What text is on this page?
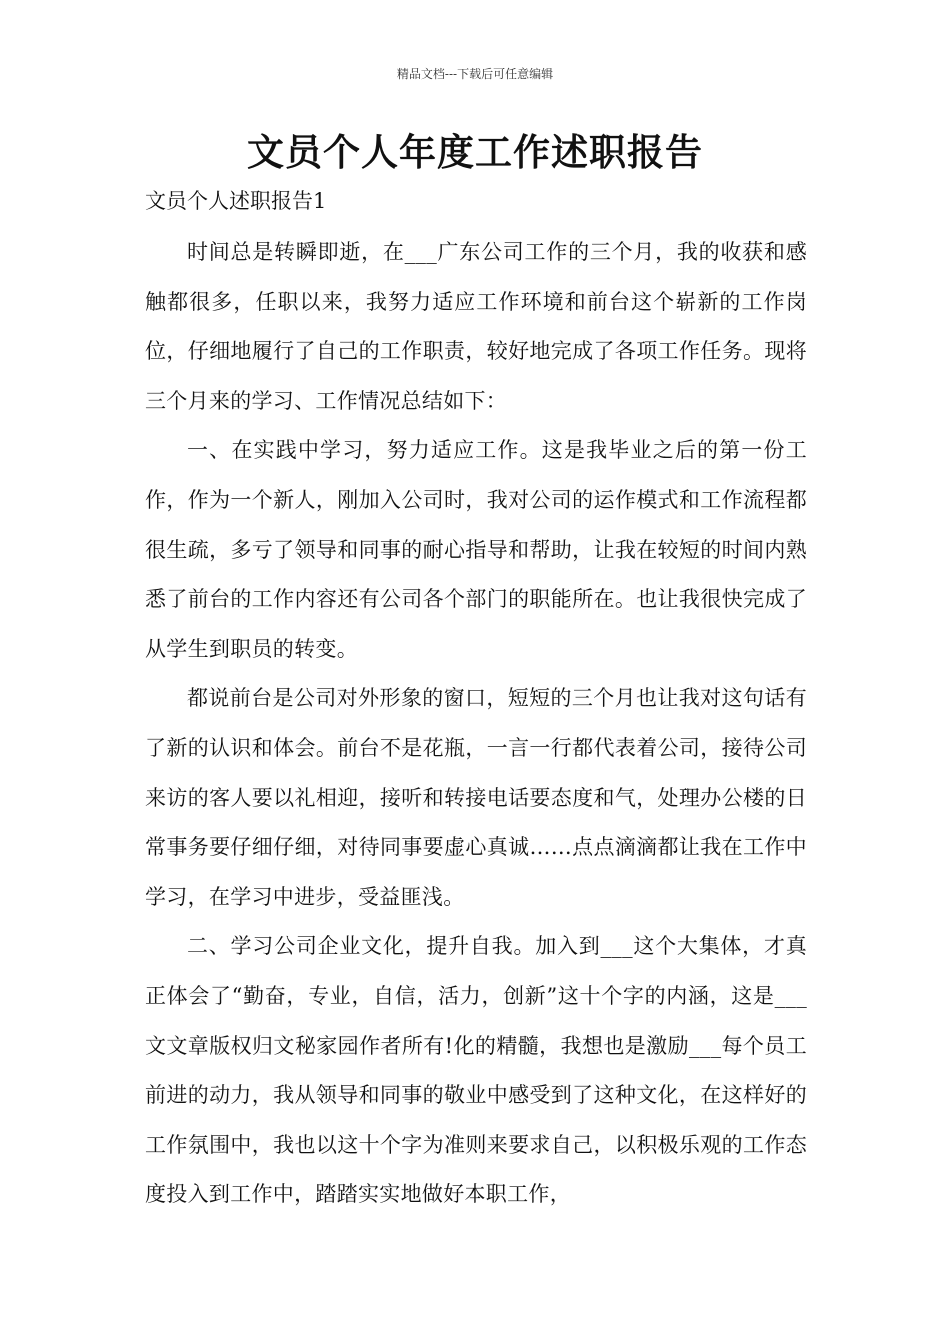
精品文档---下载后可任意编辑
文员个人年度工作述职报告
文员个人述职报告1

时间总是转瞬即逝，在___广东公司工作的三个月，我的收获和感触都很多，任职以来，我努力适应工作环境和前台这个崭新的工作岗位，仔细地履行了自己的工作职责，较好地完成了各项工作任务。现将三个月来的学习、工作情况总结如下：

一、在实践中学习，努力适应工作。这是我毕业之后的第一份工作，作为一个新人，刚加入公司时，我对公司的运作模式和工作流程都很生疏，多亏了领导和同事的耐心指导和帮助，让我在较短的时间内熟悉了前台的工作内容还有公司各个部门的职能所在。也让我很快完成了从学生到职员的转变。

都说前台是公司对外形象的窗口，短短的三个月也让我对这句话有了新的认识和体会。前台不是花瓶，一言一行都代表着公司，接待公司来访的客人要以礼相迎，接听和转接电话要态度和气，处理办公楼的日常事务要仔细仔细，对待同事要虚心真诚……点点滴滴都让我在工作中学习，在学习中进步，受益匪浅。

二、学习公司企业文化，提升自我。加入到___这个大集体，才真正体会了“勤奋，专业，自信，活力，创新”这十个字的内涵，这是___文文章版权归文秘家园作者所有!化的精髓，我想也是激励___每个员工前进的动力，我从领导和同事的敬业中感受到了这种文化，在这样好的工作氛围中，我也以这十个字为准则来要求自己，以积极乐观的工作态度投入到工作中，踏踏实实地做好本职工作，
